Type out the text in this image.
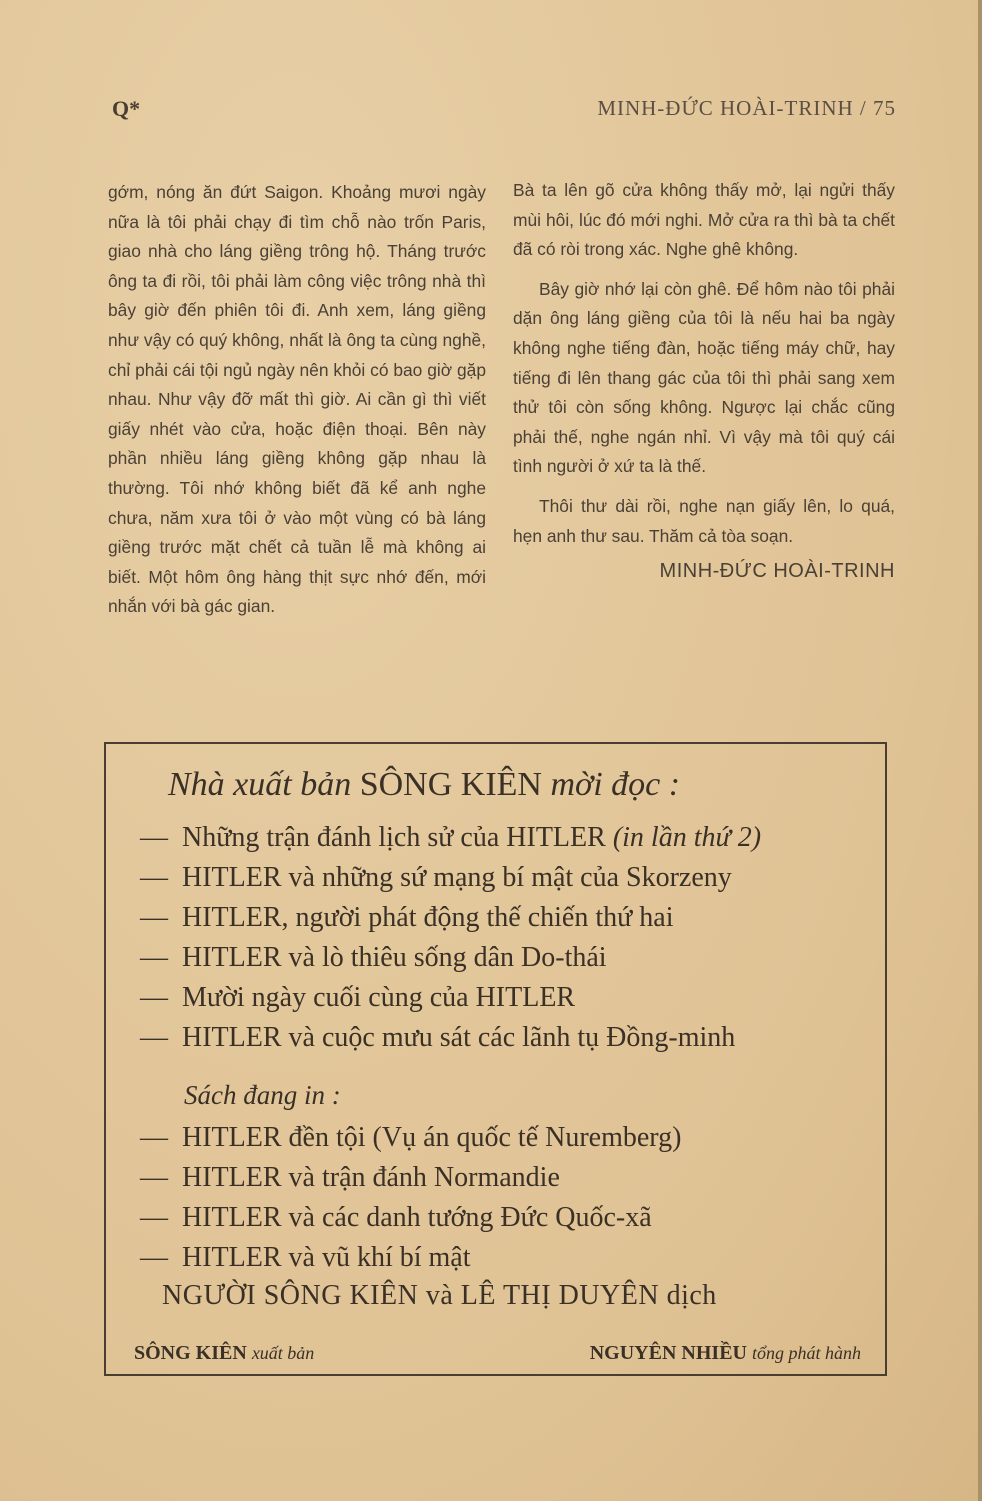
Q*	MINH-ĐỨC HOÀI-TRINH / 75

gớm, nóng ăn đứt Saigon. Khoảng mươi ngày nữa là tôi phải chạy đi tìm chỗ nào trốn Paris, giao nhà cho láng giềng trông hộ. Tháng trước ông ta đi rồi, tôi phải làm công việc trông nhà thì bây giờ đến phiên tôi đi. Anh xem, láng giềng như vậy có quý không, nhất là ông ta cùng nghề, chỉ phải cái tội ngủ ngày nên khỏi có bao giờ gặp nhau. Như vậy đỡ mất thì giờ. Ai cần gì thì viết giấy nhét vào cửa, hoặc điện thoại. Bên này phần nhiều láng giềng không gặp nhau là thường. Tôi nhớ không biết đã kể anh nghe chưa, năm xưa tôi ở vào một vùng có bà láng giềng trước mặt chết cả tuần lễ mà không ai biết. Một hôm ông hàng thịt sực nhớ đến, mới nhắn với bà gác gian.

Bà ta lên gõ cửa không thấy mở, lại ngửi thấy mùi hôi, lúc đó mới nghi. Mở cửa ra thì bà ta chết đã có ròi trong xác. Nghe ghê không.

Bây giờ nhớ lại còn ghê. Để hôm nào tôi phải dặn ông láng giềng của tôi là nếu hai ba ngày không nghe tiếng đàn, hoặc tiếng máy chữ, hay tiếng đi lên thang gác của tôi thì phải sang xem thử tôi còn sống không. Ngược lại chắc cũng phải thế, nghe ngán nhỉ. Vì vậy mà tôi quý cái tình người ở xứ ta là thế.

Thôi thư dài rồi, nghe nạn giấy lên, lo quá, hẹn anh thư sau. Thăm cả tòa soạn.

MINH-ĐỨC HOÀI-TRINH
Nhà xuất bản SÔNG KIÊN mời đọc :
— Những trận đánh lịch sử của HITLER (in lần thứ 2)
— HITLER và những sứ mạng bí mật của Skorzeny
— HITLER, người phát động thế chiến thứ hai
— HITLER và lò thiêu sống dân Do-thái
— Mười ngày cuối cùng của HITLER
— HITLER và cuộc mưu sát các lãnh tụ Đồng-minh
Sách đang in :
— HITLER đền tội (Vụ án quốc tế Nuremberg)
— HITLER và trận đánh Normandie
— HITLER và các danh tướng Đức Quốc-xã
— HITLER và vũ khí bí mật
NGƯỜI SÔNG KIÊN và LÊ THỊ DUYÊN dịch
SÔNG KIÊN xuất bản	NGUYÊN NHIỀU tổng phát hành
